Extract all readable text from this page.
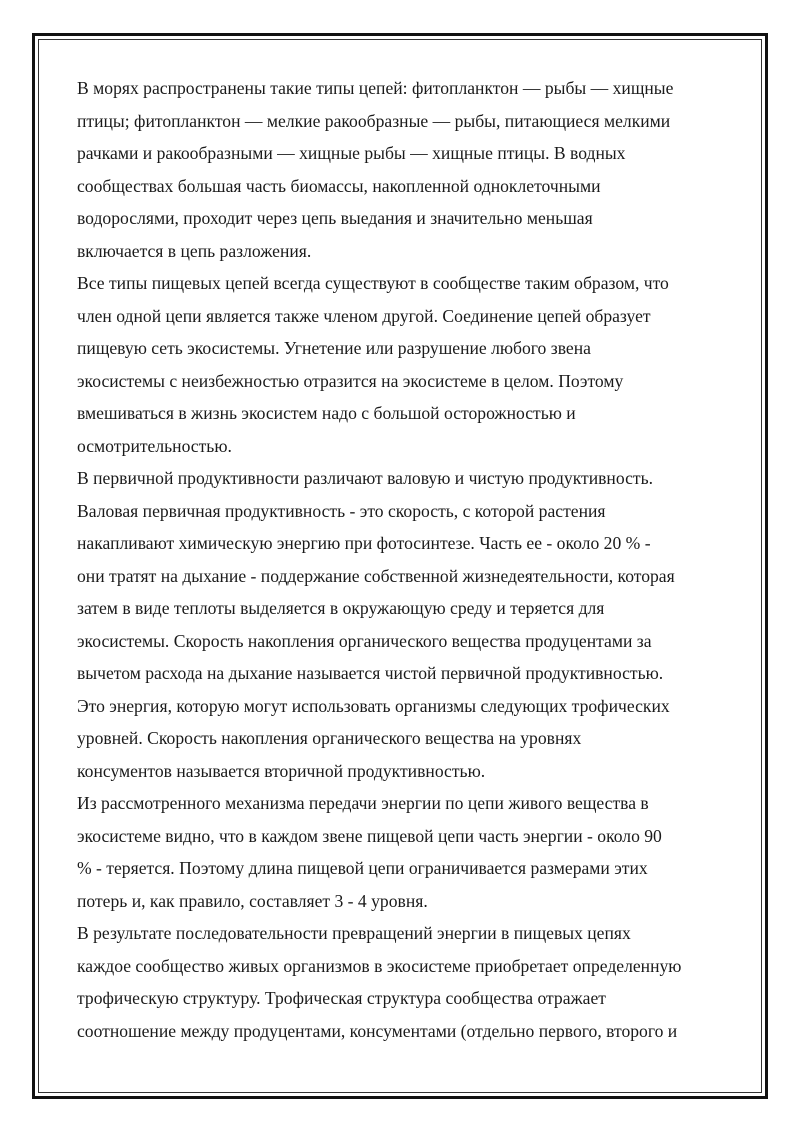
В морях распространены такие типы цепей: фитопланктон — рыбы — хищные
птицы; фитопланктон — мелкие ракообразные — рыбы, питающиеся мелкими
рачками и ракообразными — хищные рыбы — хищные птицы. В водных
сообществах большая часть биомассы, накопленной одноклеточными
водорослями, проходит через цепь выедания и значительно меньшая
включается в цепь разложения.
Все типы пищевых цепей всегда существуют в сообществе таким образом, что
член одной цепи является также членом другой. Соединение цепей образует
пищевую сеть экосистемы. Угнетение или разрушение любого звена
экосистемы с неизбежностью отразится на экосистеме в целом. Поэтому
вмешиваться в жизнь экосистем надо с большой осторожностью и
осмотрительностью.
В первичной продуктивности различают валовую и чистую продуктивность.
Валовая первичная продуктивность - это скорость, с которой растения
накапливают химическую энергию при фотосинтезе. Часть ее - около 20 % -
они тратят на дыхание - поддержание собственной жизнедеятельности, которая
затем в виде теплоты выделяется в окружающую среду и теряется для
экосистемы. Скорость накопления органического вещества продуцентами за
вычетом расхода на дыхание называется чистой первичной продуктивностью.
Это энергия, которую могут использовать организмы следующих трофических
уровней. Скорость накопления органического вещества на уровнях
консументов называется вторичной продуктивностью.
Из рассмотренного механизма передачи энергии по цепи живого вещества в
экосистеме видно, что в каждом звене пищевой цепи часть энергии - около 90
% - теряется. Поэтому длина пищевой цепи ограничивается размерами этих
потерь и, как правило, составляет 3 - 4 уровня.
В результате последовательности превращений энергии в пищевых цепях
каждое сообщество живых организмов в экосистеме приобретает определенную
трофическую структуру. Трофическая структура сообщества отражает
соотношение между продуцентами, консументами (отдельно первого, второго и
